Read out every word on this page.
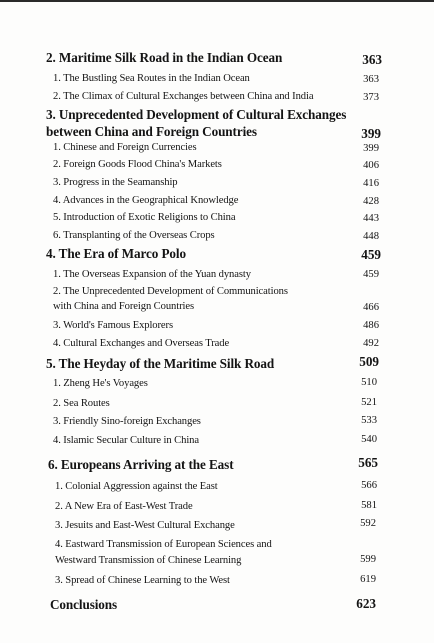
2. Maritime Silk Road in the Indian Ocean	363
1. The Bustling Sea Routes in the Indian Ocean	363
2. The Climax of Cultural Exchanges between China and India	373
3. Unprecedented Development of Cultural Exchanges
between China and Foreign Countries	399
1. Chinese and Foreign Currencies	399
2. Foreign Goods Flood China's Markets	406
3. Progress in the Seamanship	416
4. Advances in the Geographical Knowledge	428
5. Introduction of Exotic Religions to China	443
6. Transplanting of the Overseas Crops	448
4. The Era of Marco Polo	459
1. The Overseas Expansion of the Yuan dynasty	459
2. The Unprecedented Development of Communications
with China and Foreign Countries	466
3. World's Famous Explorers	486
4. Cultural Exchanges and Overseas Trade	492
5. The Heyday of the Maritime Silk Road	509
1. Zheng He's Voyages	510
2. Sea Routes	521
3. Friendly Sino-foreign Exchanges	533
4. Islamic Secular Culture in China	540
6. Europeans Arriving at the East	565
1. Colonial Aggression against the East	566
2. A New Era of East-West Trade	581
3. Jesuits and East-West Cultural Exchange	592
4. Eastward Transmission of European Sciences and
Westward Transmission of Chinese Learning	599
3. Spread of Chinese Learning to the West	619
Conclusions	623
